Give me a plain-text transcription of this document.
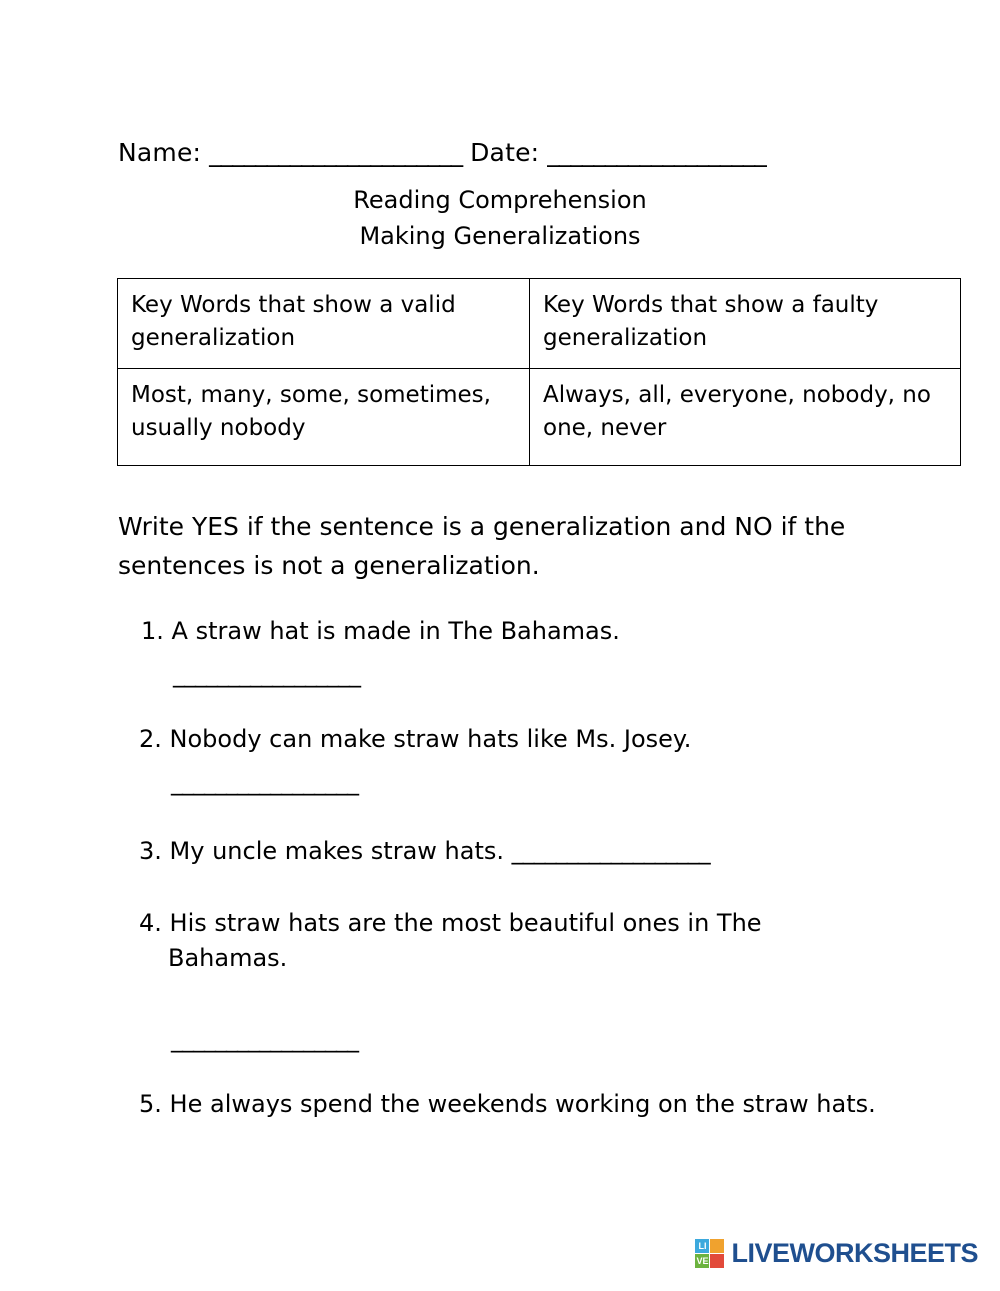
Name: ______________________ Date: ___________________
Reading Comprehension
Making Generalizations
Key Words that show a valid generalization	Key Words that show a faulty generalization
Most, many, some, sometimes, usually nobody	Always, all, everyone, nobody, no one, never
Write YES if the sentence is a generalization and NO if the sentences is not a generalization.
1. A straw hat is made in The Bahamas.
_________________
2. Nobody can make straw hats like Ms. Josey.
_________________
3. My uncle makes straw hats. __________________
4. His straw hats are the most beautiful ones in The
Bahamas.
_________________
5. He always spend the weekends working on the straw hats.
LI
VE LIVEWORKSHEETS
